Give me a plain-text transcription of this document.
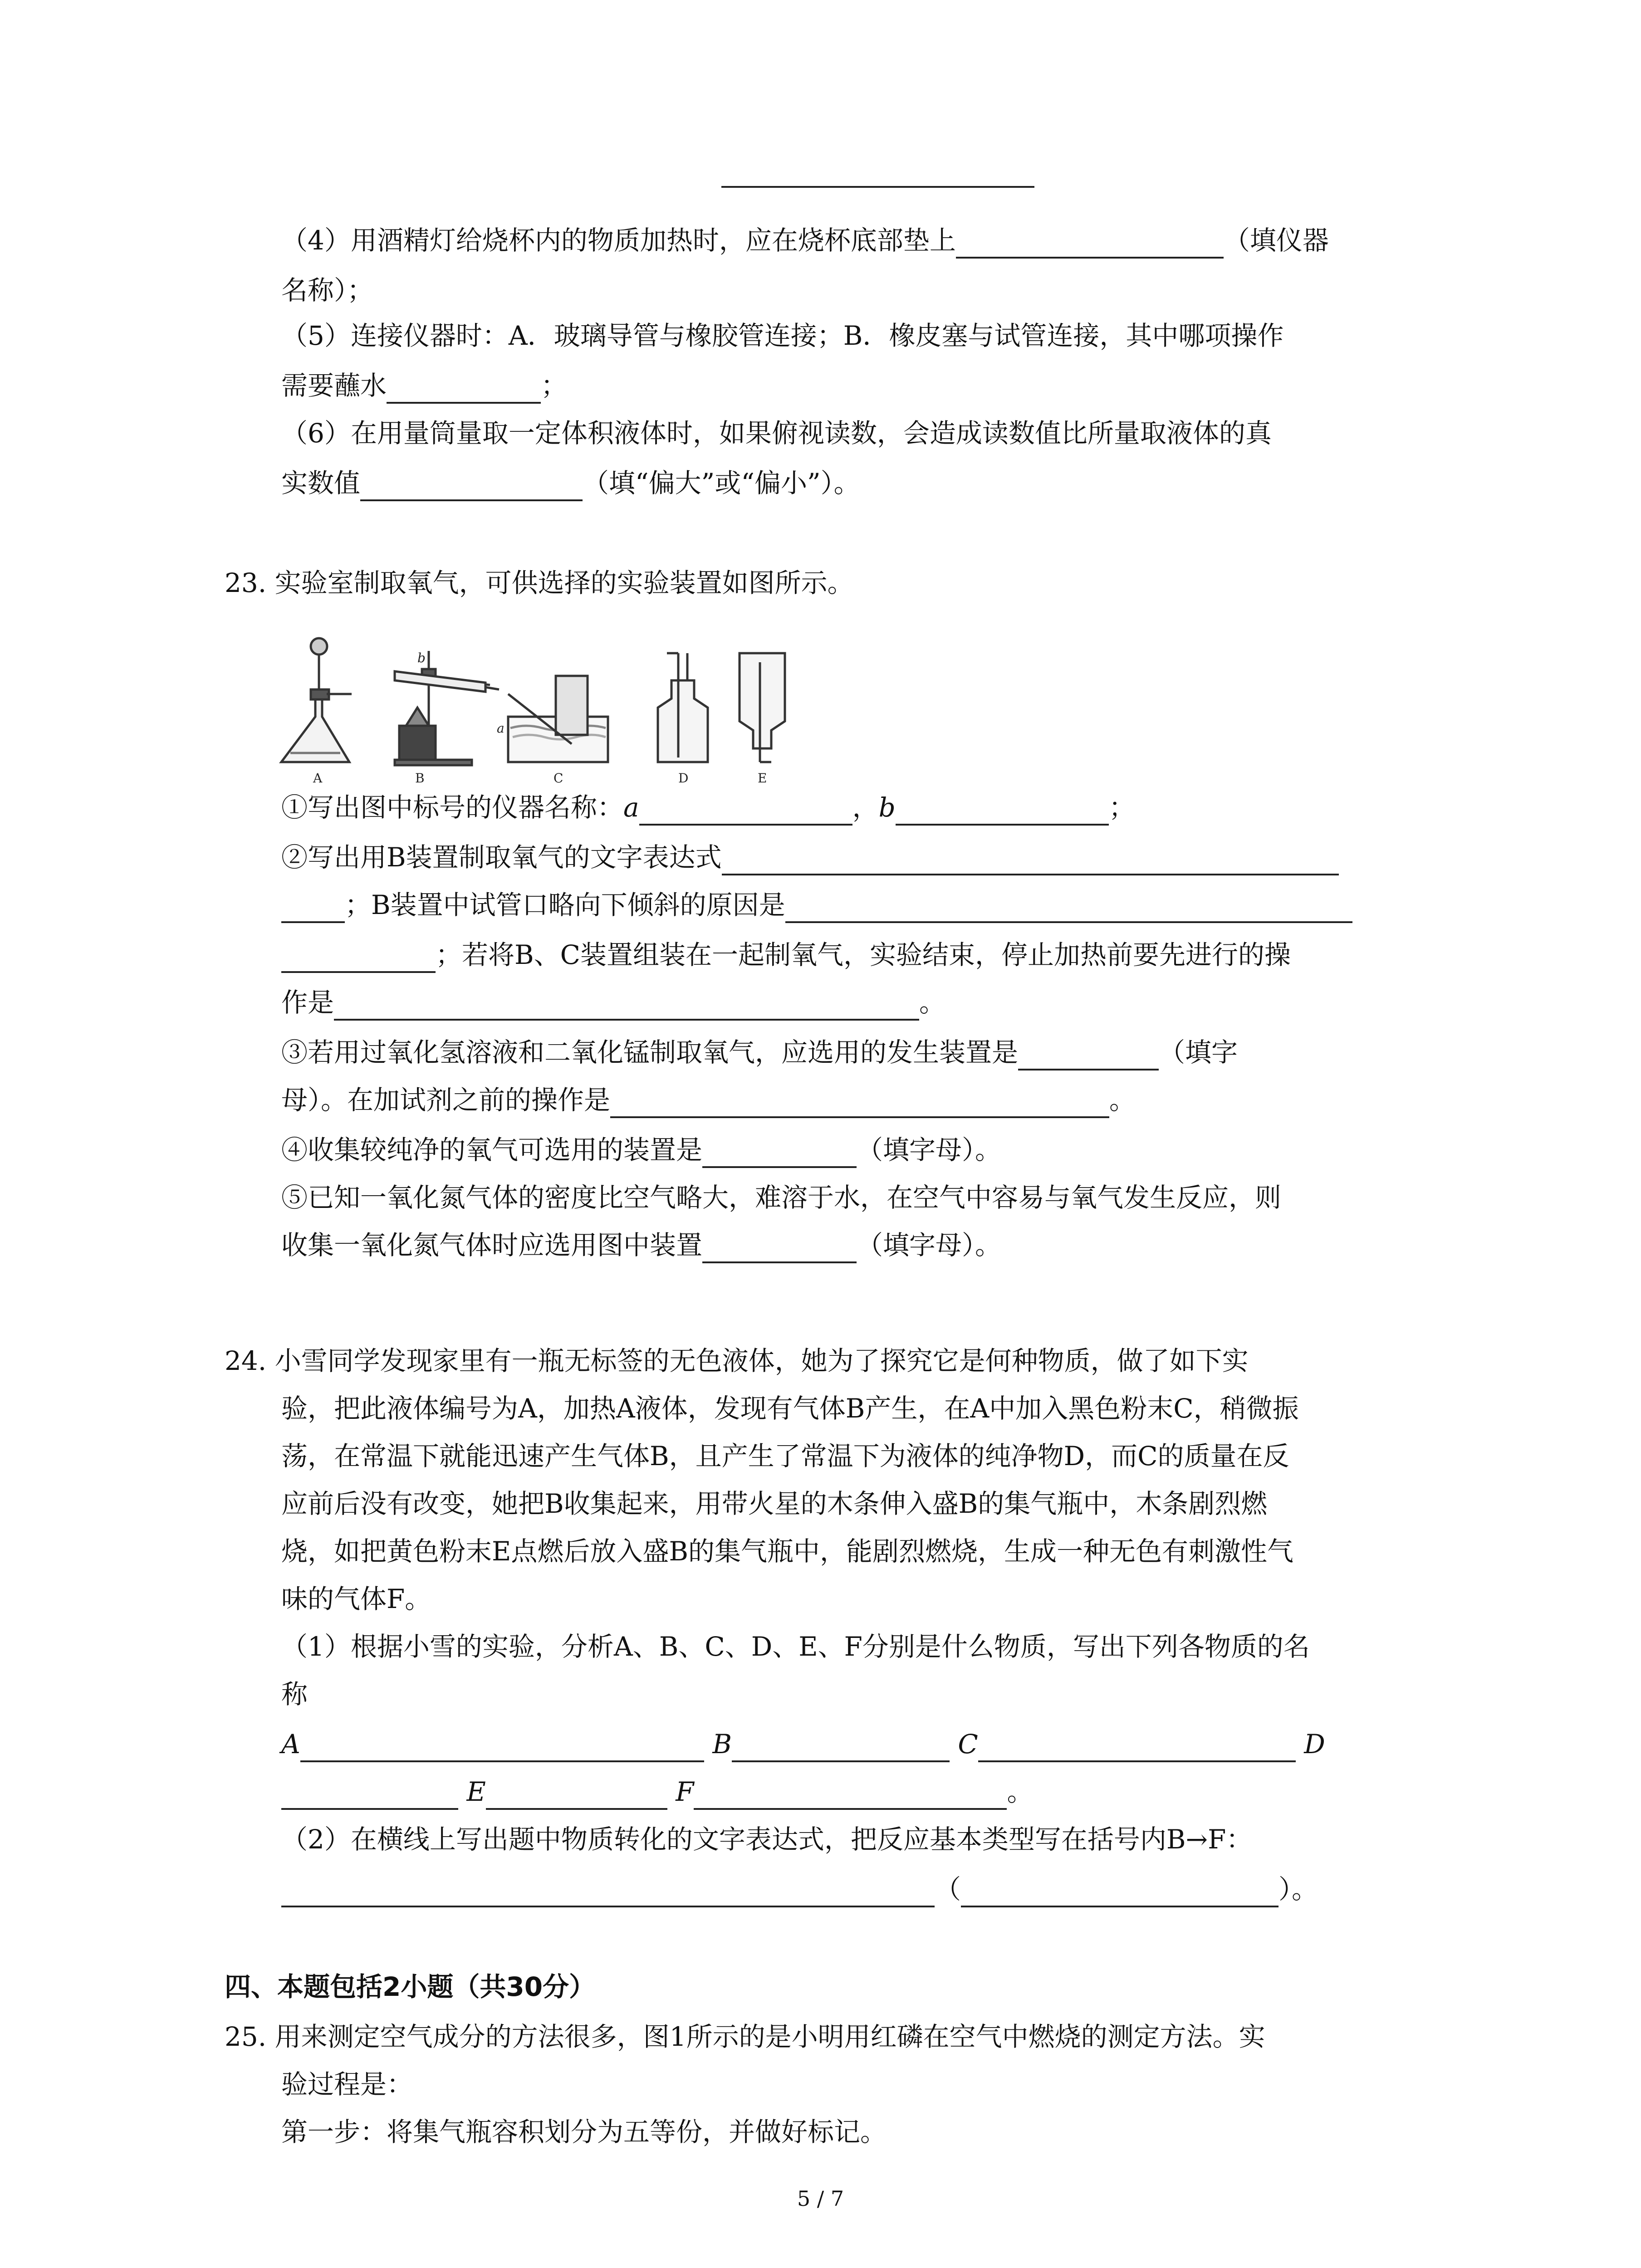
（4）用酒精灯给烧杯内的物质加热时，应在烧杯底部垫上	（填仪器
名称）；
（5）连接仪器时：A．玻璃导管与橡胶管连接；B．橡皮塞与试管连接，其中哪项操作
需要蘸水	；
（6）在用量筒量取一定体积液体时，如果俯视读数，会造成读数值比所量取液体的真
实数值	（填“偏大”或“偏小”）。
23. 实验室制取氧气，可供选择的实验装置如图所示。
A	B	C	D	E
b
a
①写出图中标号的仪器名称：a	，b	；
②写出用B装置制取氧气的文字表达式
；B装置中试管口略向下倾斜的原因是
；若将B、C装置组装在一起制氧气，实验结束，停止加热前要先进行的操
作是	。
③若用过氧化氢溶液和二氧化锰制取氧气，应选用的发生装置是	（填字
母）。在加试剂之前的操作是	。
④收集较纯净的氧气可选用的装置是	（填字母）。
⑤已知一氧化氮气体的密度比空气略大，难溶于水，在空气中容易与氧气发生反应，则
收集一氧化氮气体时应选用图中装置	（填字母）。
24. 小雪同学发现家里有一瓶无标签的无色液体，她为了探究它是何种物质，做了如下实
验，把此液体编号为A，加热A液体，发现有气体B产生，在A中加入黑色粉末C，稍微振
荡，在常温下就能迅速产生气体B，且产生了常温下为液体的纯净物D，而C的质量在反
应前后没有改变，她把B收集起来，用带火星的木条伸入盛B的集气瓶中，木条剧烈燃
烧，如把黄色粉末E点燃后放入盛B的集气瓶中，能剧烈燃烧，生成一种无色有刺激性气
味的气体F。
（1）根据小雪的实验，分析A、B、C、D、E、F分别是什么物质，写出下列各物质的名
称
A	B	C	D
E	F	。
（2）在横线上写出题中物质转化的文字表达式，把反应基本类型写在括号内B→F：
（	）。
四、本题包括2小题（共30分）
25. 用来测定空气成分的方法很多，图1所示的是小明用红磷在空气中燃烧的测定方法。实
验过程是：
第一步：将集气瓶容积划分为五等份，并做好标记。
5 / 7
